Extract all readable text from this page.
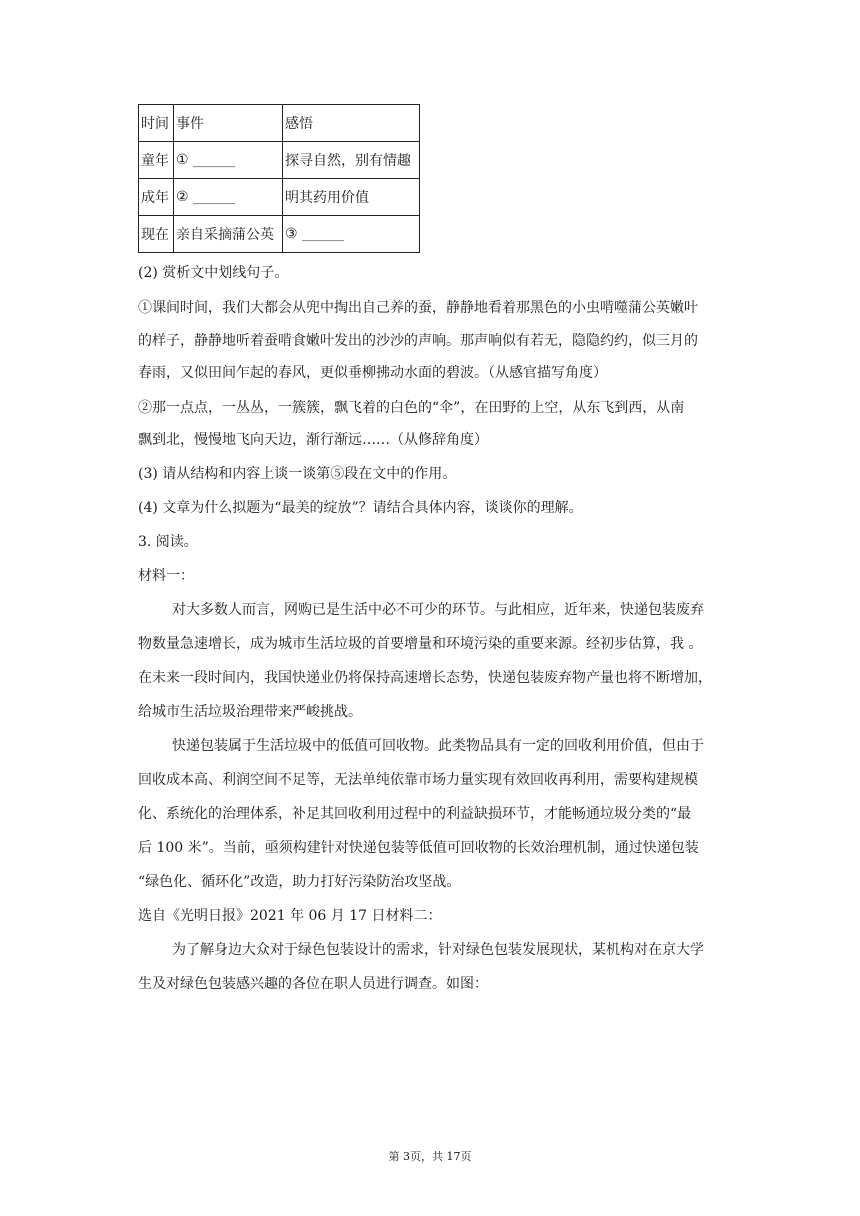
时间	事件	感悟
童年	① ______	探寻自然，别有情趣
成年	② ______	明其药用价值
现在	亲自采摘蒲公英	③ ______
(2) 赏析文中划线句子。
①课间时间，我们大都会从兜中掏出自己养的蚕，静静地看着那黑色的小虫啃噬蒲公英嫩叶
的样子，静静地听着蚕啃食嫩叶发出的沙沙的声响。那声响似有若无，隐隐约约，似三月的
春雨，又似田间乍起的春风，更似垂柳拂动水面的碧波。（从感官描写角度）
②那一点点，一丛丛，一簇簇，飘飞着的白色的“伞”，在田野的上空，从东飞到西，从南
飘到北，慢慢地飞向天边，渐行渐远……（从修辞角度）
(3) 请从结构和内容上谈一谈第⑤段在文中的作用。
(4) 文章为什么拟题为“最美的绽放”？请结合具体内容，谈谈你的理解。
3. 阅读。
材料一：
对大多数人而言，网购已是生活中必不可少的环节。与此相应，近年来，快递包装废弃
物数量急速增长，成为城市生活垃圾的首要增量和环境污染的重要来源。经初步估算，我 。
在未来一段时间内，我国快递业仍将保持高速增长态势，快递包装废弃物产量也将不断增加，
给城市生活垃圾治理带来严峻挑战。
快递包装属于生活垃圾中的低值可回收物。此类物品具有一定的回收利用价值，但由于
回收成本高、利润空间不足等，无法单纯依靠市场力量实现有效回收再利用，需要构建规模
化、系统化的治理体系，补足其回收利用过程中的利益缺损环节，才能畅通垃圾分类的“最
后 100 米”。当前，亟须构建针对快递包装等低值可回收物的长效治理机制，通过快递包装
“绿色化、循环化”改造，助力打好污染防治攻坚战。
选自《光明日报》2021 年 06 月 17 日材料二：
为了解身边大众对于绿色包装设计的需求，针对绿色包装发展现状，某机构对在京大学
生及对绿色包装感兴趣的各位在职人员进行调查。如图：
第 3页，共 17页
